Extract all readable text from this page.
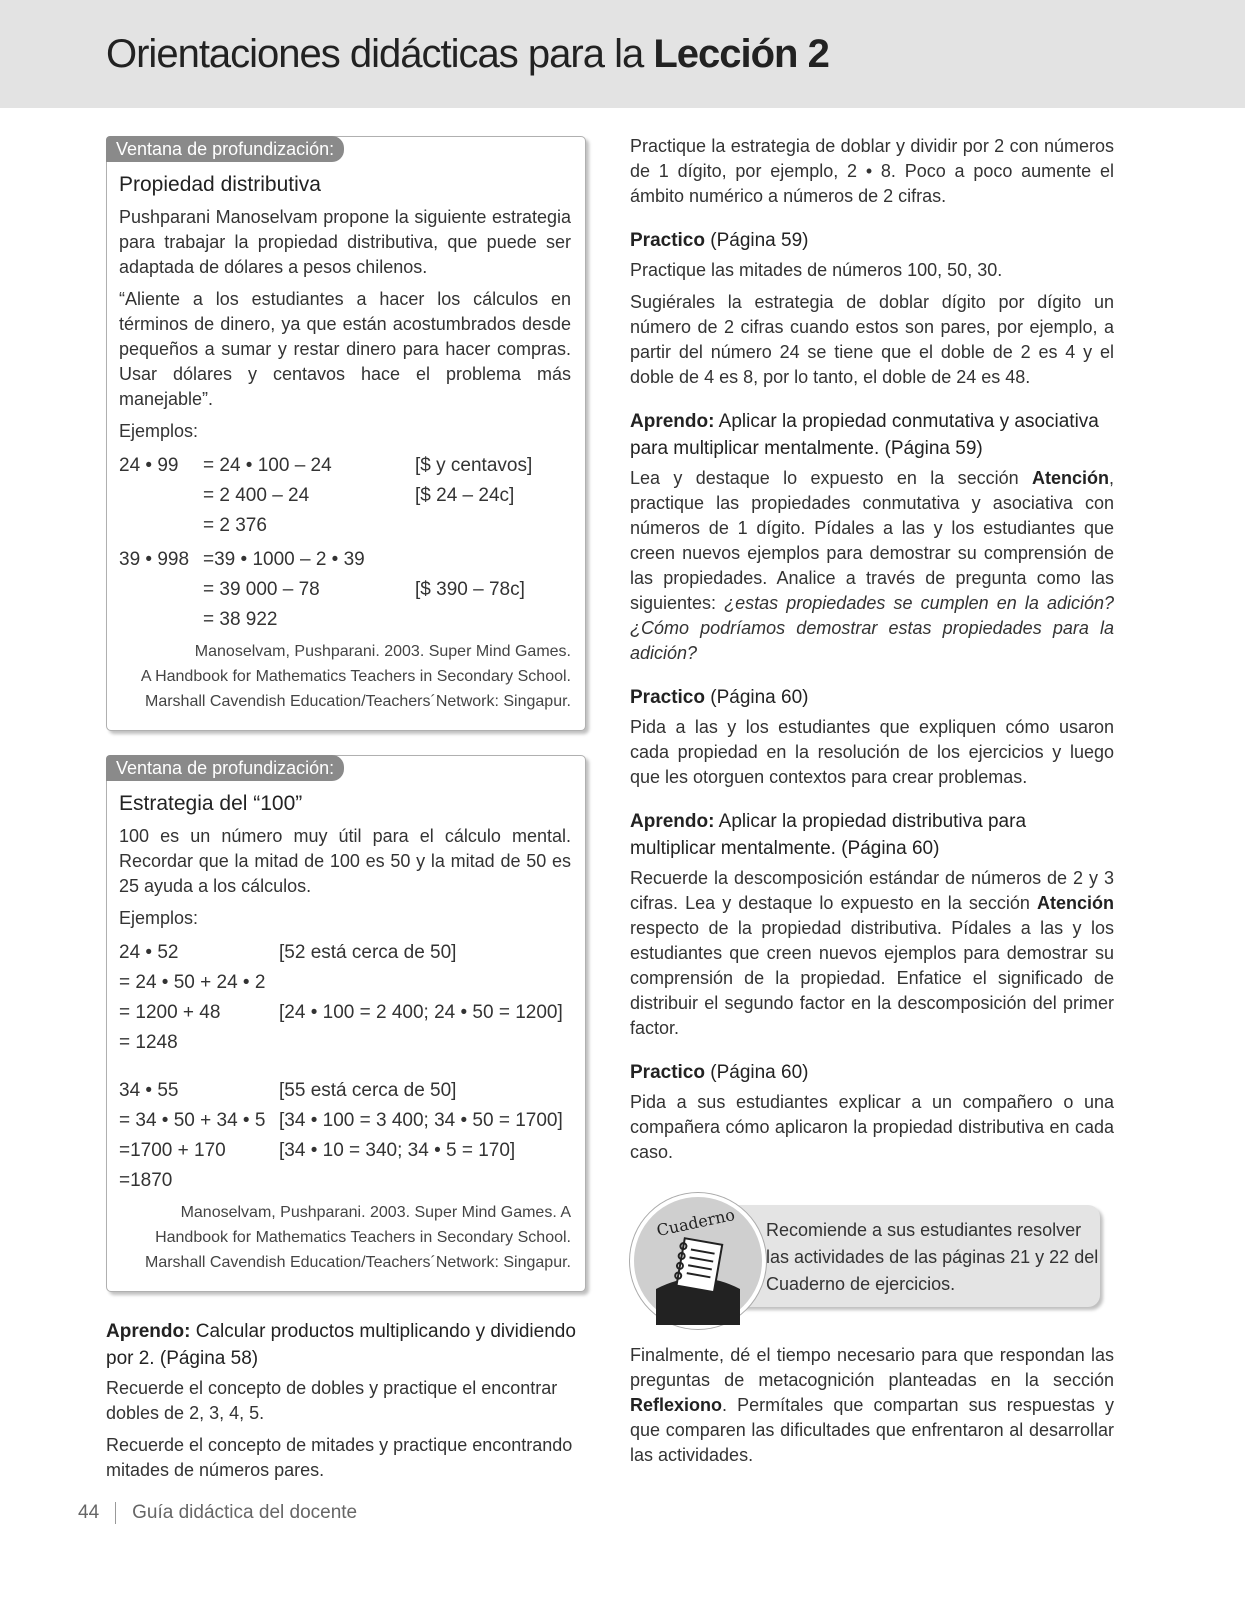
Orientaciones didácticas para la Lección 2
Ventana de profundización:
Propiedad distributiva

Pushparani Manoselvam propone la siguiente estrategia para trabajar la propiedad distributiva, que puede ser adaptada de dólares a pesos chilenos.

“Aliente a los estudiantes a hacer los cálculos en términos de dinero, ya que están acostumbrados desde pequeños a sumar y restar dinero para hacer compras. Usar dólares y centavos hace el problema más manejable”.

Ejemplos:

24 • 99	= 24 • 100 – 24	[$ y centavos]
= 2 400 – 24	[$ 24 – 24c]
= 2 376
39 • 998 =39 • 1000 – 2 • 39
= 39 000 – 78	[$ 390 – 78c]
= 38 922
Manoselvam, Pushparani. 2003. Super Mind Games.
A Handbook for Mathematics Teachers in Secondary School.
Marshall Cavendish Education/Teachers´Network: Singapur.
Ventana de profundización:
Estrategia del “100”

100 es un número muy útil para el cálculo mental. Recordar que la mitad de 100 es 50 y la mitad de 50 es 25 ayuda a los cálculos.

Ejemplos:

24 • 52	[52 está cerca de 50]
= 24 • 50 + 24 • 2
= 1200 + 48	[24 • 100 = 2 400; 24 • 50 = 1200]
= 1248
34 • 55	[55 está cerca de 50]
= 34 • 50 + 34 • 5 [34 • 100 = 3 400; 34 • 50 = 1700]
=1700 + 170	[34 • 10 = 340; 34 • 5 = 170]
=1870
Manoselvam, Pushparani. 2003. Super Mind Games. A
Handbook for Mathematics Teachers in Secondary School.
Marshall Cavendish Education/Teachers´Network: Singapur.
Aprendo: Calcular productos multiplicando y dividiendo por 2. (Página 58)

Recuerde el concepto de dobles y practique el encontrar dobles de 2, 3, 4, 5.

Recuerde el concepto de mitades y practique encontrando mitades de números pares.

Practique la estrategia de doblar y dividir por 2 con números de 1 dígito, por ejemplo, 2 • 8. Poco a poco aumente el ámbito numérico a números de 2 cifras.

Practico (Página 59)

Practique las mitades de números 100, 50, 30.

Sugiérales la estrategia de doblar dígito por dígito un número de 2 cifras cuando estos son pares, por ejemplo, a partir del número 24 se tiene que el doble de 2 es 4 y el doble de 4 es 8, por lo tanto, el doble de 24 es 48.

Aprendo: Aplicar la propiedad conmutativa y asociativa para multiplicar mentalmente. (Página 59)

Lea y destaque lo expuesto en la sección Atención, practique las propiedades conmutativa y asociativa con números de 1 dígito. Pídales a las y los estudiantes que creen nuevos ejemplos para demostrar su comprensión de las propiedades. Analice a través de pregunta como las siguientes: ¿estas propiedades se cumplen en la adición? ¿Cómo podríamos demostrar estas propiedades para la adición?

Practico (Página 60)

Pida a las y los estudiantes que expliquen cómo usaron cada propiedad en la resolución de los ejercicios y luego que les otorguen contextos para crear problemas.

Aprendo: Aplicar la propiedad distributiva para multiplicar mentalmente. (Página 60)

Recuerde la descomposición estándar de números de 2 y 3 cifras. Lea y destaque lo expuesto en la sección Atención respecto de la propiedad distributiva. Pídales a las y los estudiantes que creen nuevos ejemplos para demostrar su comprensión de la propiedad. Enfatice el significado de distribuir el segundo factor en la descomposición del primer factor.

Practico (Página 60)

Pida a sus estudiantes explicar a un compañero o una compañera cómo aplicaron la propiedad distributiva en cada caso.

Cuaderno Recomiende a sus estudiantes resolver las actividades de las páginas 21 y 22 del Cuaderno de ejercicios.

Finalmente, dé el tiempo necesario para que respondan las preguntas de metacognición planteadas en la sección Reflexiono. Permítales que compartan sus respuestas y que comparen las dificultades que enfrentaron al desarrollar las actividades.

44 Guía didáctica del docente
